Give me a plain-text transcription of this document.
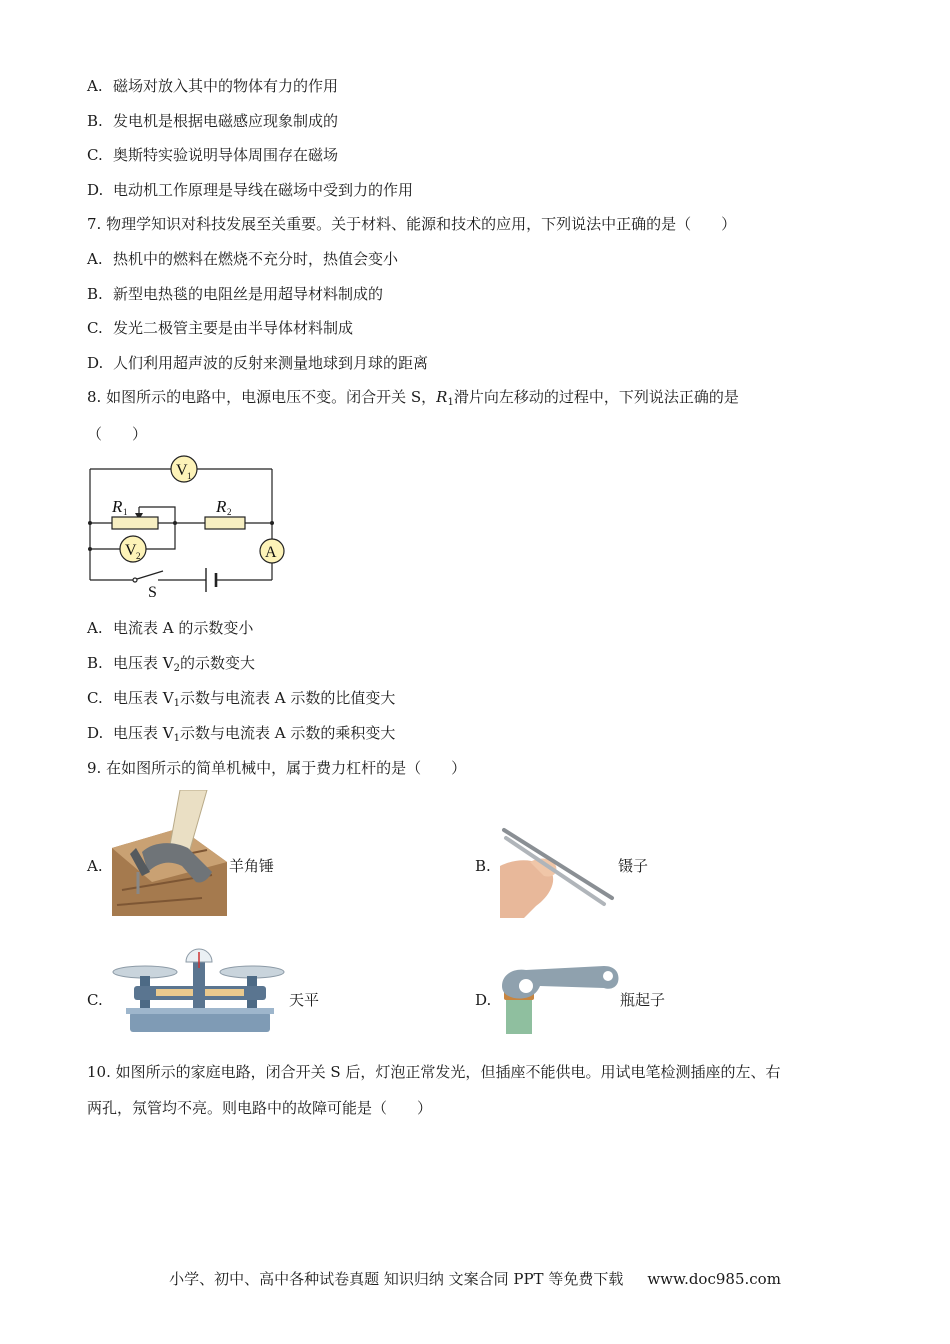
A. 磁场对放入其中的物体有力的作用
B. 发电机是根据电磁感应现象制成的
C. 奥斯特实验说明导体周围存在磁场
D. 电动机工作原理是导线在磁场中受到力的作用
7. 物理学知识对科技发展至关重要。关于材料、能源和技术的应用，下列说法中正确的是（　　）
A. 热机中的燃料在燃烧不充分时，热值会变小
B. 新型电热毯的电阻丝是用超导材料制成的
C. 发光二极管主要是由半导体材料制成
D. 人们利用超声波的反射来测量地球到月球的距离
8. 如图所示的电路中，电源电压不变。闭合开关 S，$R_1$滑片向左移动的过程中，下列说法正确的是
（　　）
V 1
V 2	A
R 1	R 2
S
A. 电流表 A 的示数变小
B. 电压表 $V_2$的示数变大
C. 电压表 $V_1$示数与电流表 A 示数的比值变大
D. 电压表 $V_1$示数与电流表 A 示数的乘积变大
9. 在如图所示的简单机械中，属于费力杠杆的是（　　）
A.	羊角锤	B.	镊子
C.	天平	D.	瓶起子
10. 如图所示的家庭电路，闭合开关 S 后，灯泡正常发光，但插座不能供电。用试电笔检测插座的左、右
两孔，氖管均不亮。则电路中的故障可能是（　　）
小学、初中、高中各种试卷真题 知识归纳 文案合同 PPT 等免费下载 www.doc985.com
